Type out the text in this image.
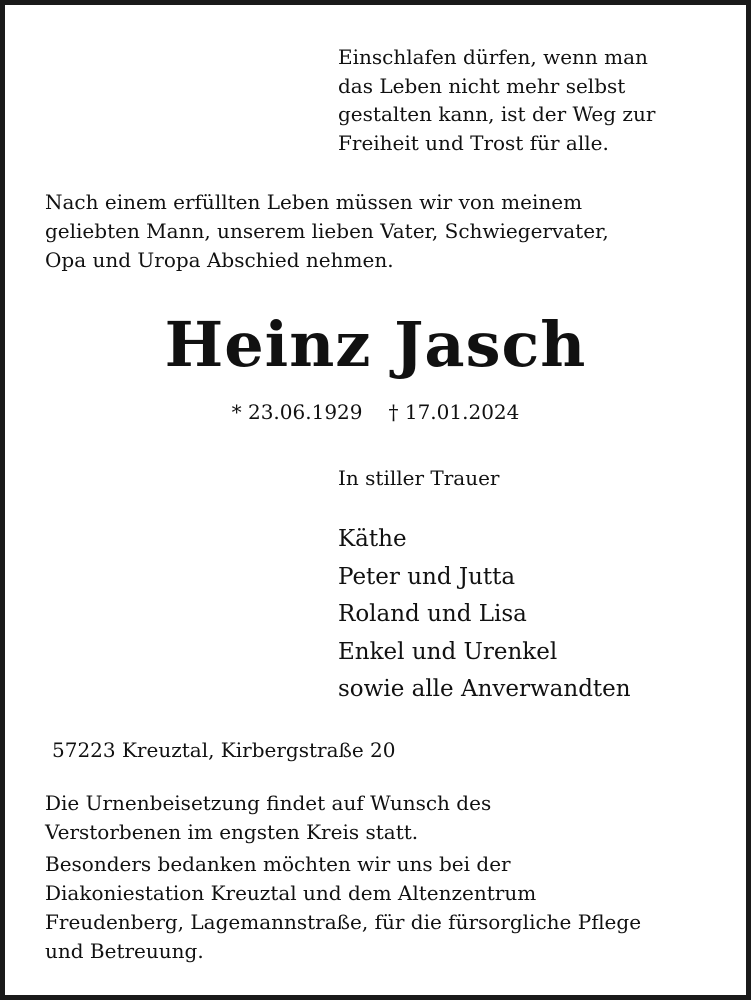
Einschlafen dürfen, wenn man
das Leben nicht mehr selbst
gestalten kann, ist der Weg zur
Freiheit und Trost für alle.
Nach einem erfüllten Leben müssen wir von meinem
geliebten Mann, unserem lieben Vater, Schwiegervater,
Opa und Uropa Abschied nehmen.
Heinz Jasch
* 23.06.1929 † 17.01.2024
In stiller Trauer
Käthe
Peter und Jutta
Roland und Lisa
Enkel und Urenkel
sowie alle Anverwandten
57223 Kreuztal, Kirbergstraße 20
Die Urnenbeisetzung findet auf Wunsch des
Verstorbenen im engsten Kreis statt.
Besonders bedanken möchten wir uns bei der
Diakoniestation Kreuztal und dem Altenzentrum
Freudenberg, Lagemannstraße, für die fürsorgliche Pflege
und Betreuung.
